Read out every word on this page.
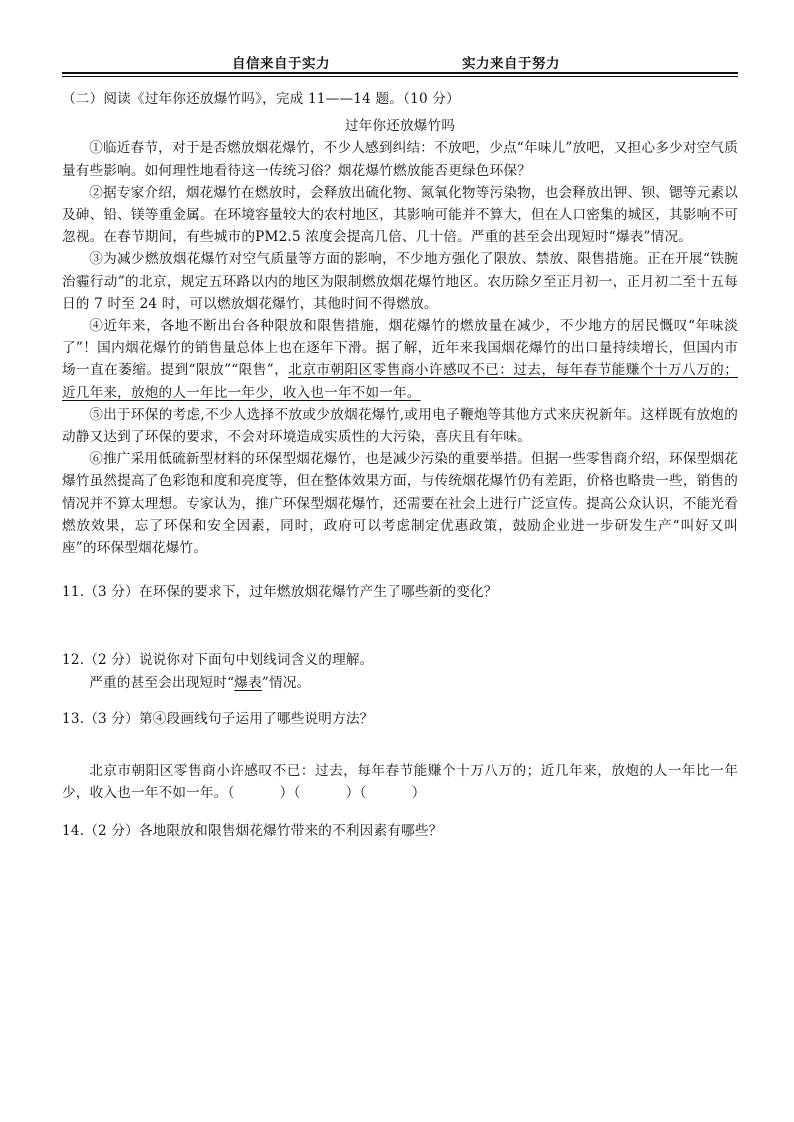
自信来自于实力	实力来自于努力

（二）阅读《过年你还放爆竹吗》，完成 11——14 题。（10 分）

过年你还放爆竹吗

①临近春节，对于是否燃放烟花爆竹，不少人感到纠结：不放吧，少点“年味儿”放吧，又担心多少对空气质量有些影响。如何理性地看待这一传统习俗？烟花爆竹燃放能否更绿色环保？

②据专家介绍，烟花爆竹在燃放时，会释放出硫化物、氮氧化物等污染物，也会释放出钾、钡、锶等元素以及砷、铅、镁等重金属。在环境容量较大的农村地区，其影响可能并不算大，但在人口密集的城区，其影响不可忽视。在春节期间，有些城市的PM2.5 浓度会提高几倍、几十倍。严重的甚至会出现短时“爆表”情况。

③为减少燃放烟花爆竹对空气质量等方面的影响，不少地方强化了限放、禁放、限售措施。正在开展“铁腕治霾行动”的北京，规定五环路以内的地区为限制燃放烟花爆竹地区。农历除夕至正月初一，正月初二至十五每日的 7 时至 24 时，可以燃放烟花爆竹，其他时间不得燃放。

④近年来，各地不断出台各种限放和限售措施，烟花爆竹的燃放量在减少，不少地方的居民慨叹“年味淡了”！国内烟花爆竹的销售量总体上也在逐年下滑。据了解，近年来我国烟花爆竹的出口量持续增长，但国内市场一直在萎缩。提到“限放”“限售”，北京市朝阳区零售商小许感叹不已：过去，每年春节能赚个十万八万的；近几年来，放炮的人一年比一年少，收入也一年不如一年。

⑤出于环保的考虑,不少人选择不放或少放烟花爆竹,或用电子鞭炮等其他方式来庆祝新年。这样既有放炮的动静又达到了环保的要求，不会对环境造成实质性的大污染，喜庆且有年味。

⑥推广采用低硫新型材料的环保型烟花爆竹，也是减少污染的重要举措。但据一些零售商介绍，环保型烟花爆竹虽然提高了色彩饱和度和亮度等，但在整体效果方面，与传统烟花爆竹仍有差距，价格也略贵一些，销售的情况并不算太理想。专家认为，推广环保型烟花爆竹，还需要在社会上进行广泛宣传。提高公众认识，不能光看燃放效果，忘了环保和安全因素，同时，政府可以考虑制定优惠政策，鼓励企业进一步研发生产“叫好又叫座”的环保型烟花爆竹。

11.（3 分）在环保的要求下，过年燃放烟花爆竹产生了哪些新的变化？

12.（2 分）说说你对下面句中划线词含义的理解。

严重的甚至会出现短时“爆表”情况。

13.（3 分）第④段画线句子运用了哪些说明方法？

北京市朝阳区零售商小许感叹不已：过去，每年春节能赚个十万八万的；近几年来，放炮的人一年比一年少，收入也一年不如一年。（          ）（          ）（          ）

14.（2 分）各地限放和限售烟花爆竹带来的不利因素有哪些？
